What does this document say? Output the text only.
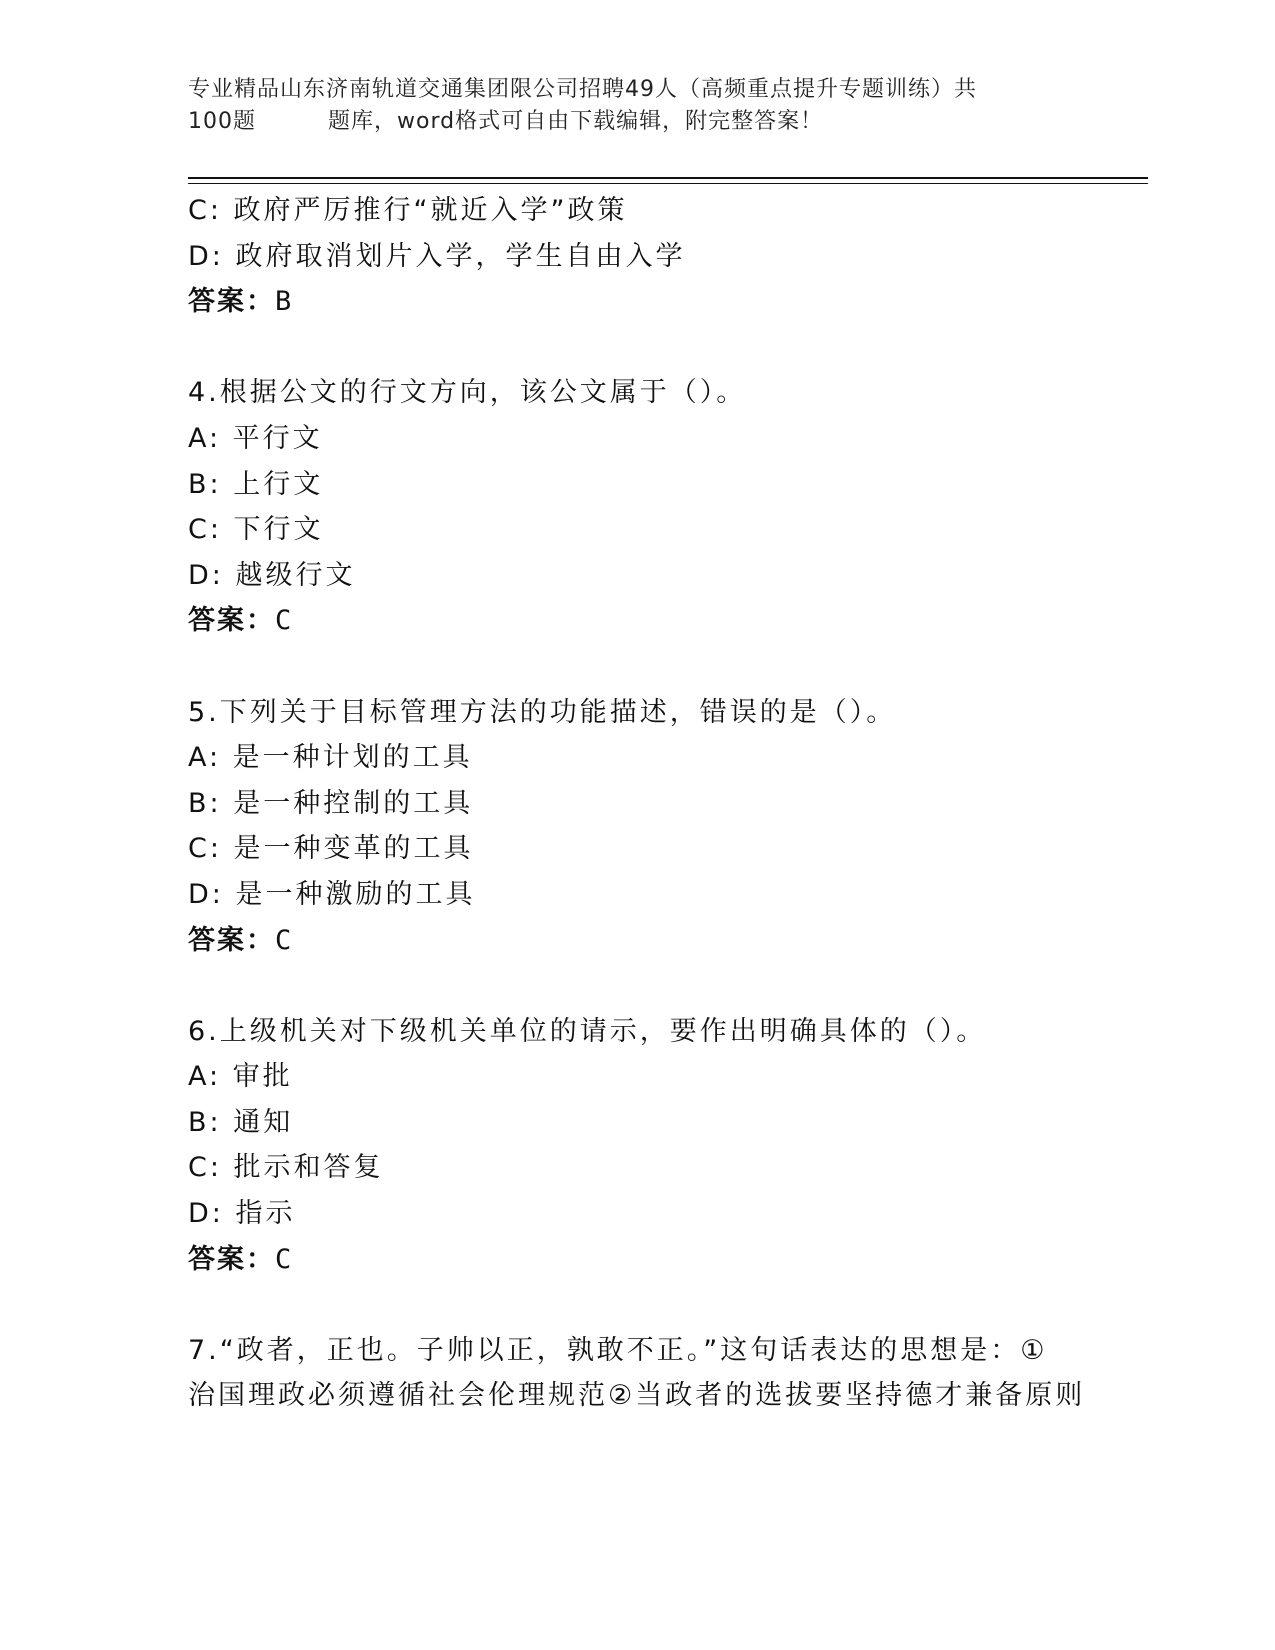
专业精品山东济南轨道交通集团限公司招聘49人（高频重点提升专题训练）共
100题	题库，word格式可自由下载编辑，附完整答案！
C: 政府严厉推行“就近入学”政策
D: 政府取消划片入学，学生自由入学
答案：B
4.根据公文的行文方向，该公文属于（）。
A: 平行文
B: 上行文
C: 下行文
D: 越级行文
答案：C
5.下列关于目标管理方法的功能描述，错误的是（）。
A: 是一种计划的工具
B: 是一种控制的工具
C: 是一种变革的工具
D: 是一种激励的工具
答案：C
6.上级机关对下级机关单位的请示，要作出明确具体的（）。
A: 审批
B: 通知
C: 批示和答复
D: 指示
答案：C
7.“政者，正也。子帅以正，孰敢不正。”这句话表达的思想是：①
治国理政必须遵循社会伦理规范②当政者的选拔要坚持德才兼备原则
